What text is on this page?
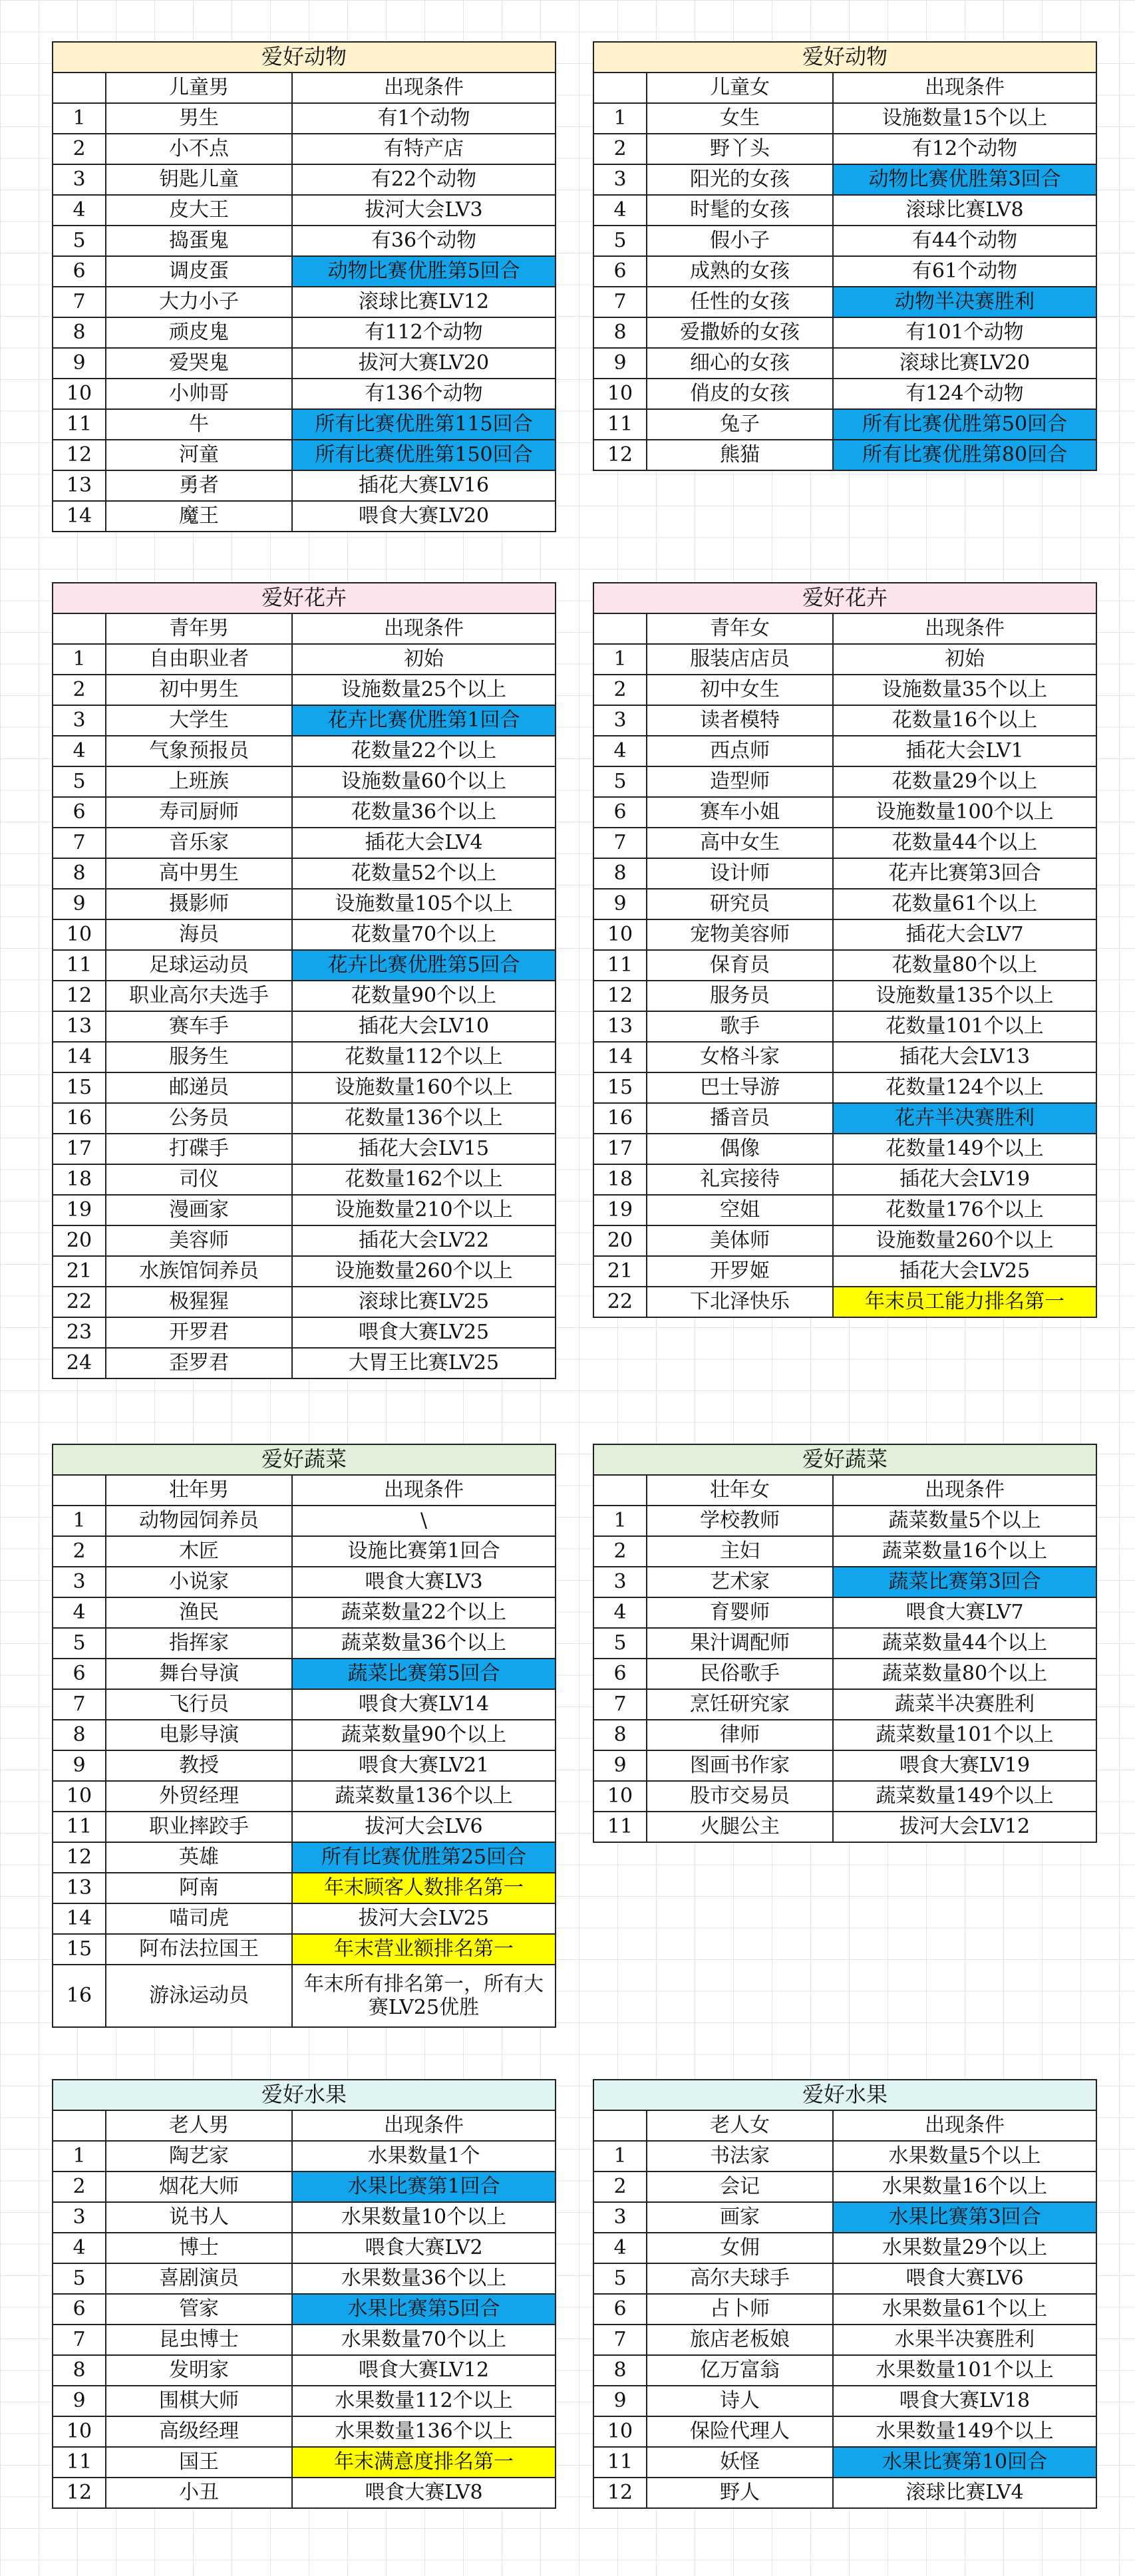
爱好动物		
	儿童男	出现条件
1	男生	有1个动物
2	小不点	有特产店
3	钥匙儿童	有22个动物
4	皮大王	拔河大会LV3
5	捣蛋鬼	有36个动物
6	调皮蛋	动物比赛优胜第5回合
7	大力小子	滚球比赛LV12
8	顽皮鬼	有112个动物
9	爱哭鬼	拔河大赛LV20
10	小帅哥	有136个动物
11	牛	所有比赛优胜第115回合
12	河童	所有比赛优胜第150回合
13	勇者	插花大赛LV16
14	魔王	喂食大赛LV20
爱好动物		
	儿童女	出现条件
1	女生	设施数量15个以上
2	野丫头	有12个动物
3	阳光的女孩	动物比赛优胜第3回合
4	时髦的女孩	滚球比赛LV8
5	假小子	有44个动物
6	成熟的女孩	有61个动物
7	任性的女孩	动物半决赛胜利
8	爱撒娇的女孩	有101个动物
9	细心的女孩	滚球比赛LV20
10	俏皮的女孩	有124个动物
11	兔子	所有比赛优胜第50回合
12	熊猫	所有比赛优胜第80回合
爱好花卉		
	青年男	出现条件
1	自由职业者	初始
2	初中男生	设施数量25个以上
3	大学生	花卉比赛优胜第1回合
4	气象预报员	花数量22个以上
5	上班族	设施数量60个以上
6	寿司厨师	花数量36个以上
7	音乐家	插花大会LV4
8	高中男生	花数量52个以上
9	摄影师	设施数量105个以上
10	海员	花数量70个以上
11	足球运动员	花卉比赛优胜第5回合
12	职业高尔夫选手	花数量90个以上
13	赛车手	插花大会LV10
14	服务生	花数量112个以上
15	邮递员	设施数量160个以上
16	公务员	花数量136个以上
17	打碟手	插花大会LV15
18	司仪	花数量162个以上
19	漫画家	设施数量210个以上
20	美容师	插花大会LV22
21	水族馆饲养员	设施数量260个以上
22	极猩猩	滚球比赛LV25
23	开罗君	喂食大赛LV25
24	歪罗君	大胃王比赛LV25
爱好花卉		
	青年女	出现条件
1	服装店店员	初始
2	初中女生	设施数量35个以上
3	读者模特	花数量16个以上
4	西点师	插花大会LV1
5	造型师	花数量29个以上
6	赛车小姐	设施数量100个以上
7	高中女生	花数量44个以上
8	设计师	花卉比赛第3回合
9	研究员	花数量61个以上
10	宠物美容师	插花大会LV7
11	保育员	花数量80个以上
12	服务员	设施数量135个以上
13	歌手	花数量101个以上
14	女格斗家	插花大会LV13
15	巴士导游	花数量124个以上
16	播音员	花卉半决赛胜利
17	偶像	花数量149个以上
18	礼宾接待	插花大会LV19
19	空姐	花数量176个以上
20	美体师	设施数量260个以上
21	开罗姬	插花大会LV25
22	下北泽快乐	年末员工能力排名第一
爱好蔬菜		
	壮年男	出现条件
1	动物园饲养员	\
2	木匠	设施比赛第1回合
3	小说家	喂食大赛LV3
4	渔民	蔬菜数量22个以上
5	指挥家	蔬菜数量36个以上
6	舞台导演	蔬菜比赛第5回合
7	飞行员	喂食大赛LV14
8	电影导演	蔬菜数量90个以上
9	教授	喂食大赛LV21
10	外贸经理	蔬菜数量136个以上
11	职业摔跤手	拔河大会LV6
12	英雄	所有比赛优胜第25回合
13	阿南	年末顾客人数排名第一
14	喵司虎	拔河大会LV25
15	阿布法拉国王	年末营业额排名第一
16	游泳运动员	年末所有排名第一，所有大赛LV25优胜
爱好蔬菜		
	壮年女	出现条件
1	学校教师	蔬菜数量5个以上
2	主妇	蔬菜数量16个以上
3	艺术家	蔬菜比赛第3回合
4	育婴师	喂食大赛LV7
5	果汁调配师	蔬菜数量44个以上
6	民俗歌手	蔬菜数量80个以上
7	烹饪研究家	蔬菜半决赛胜利
8	律师	蔬菜数量101个以上
9	图画书作家	喂食大赛LV19
10	股市交易员	蔬菜数量149个以上
11	火腿公主	拔河大会LV12
爱好水果		
	老人男	出现条件
1	陶艺家	水果数量1个
2	烟花大师	水果比赛第1回合
3	说书人	水果数量10个以上
4	博士	喂食大赛LV2
5	喜剧演员	水果数量36个以上
6	管家	水果比赛第5回合
7	昆虫博士	水果数量70个以上
8	发明家	喂食大赛LV12
9	围棋大师	水果数量112个以上
10	高级经理	水果数量136个以上
11	国王	年末满意度排名第一
12	小丑	喂食大赛LV8
爱好水果		
	老人女	出现条件
1	书法家	水果数量5个以上
2	会记	水果数量16个以上
3	画家	水果比赛第3回合
4	女佣	水果数量29个以上
5	高尔夫球手	喂食大赛LV6
6	占卜师	水果数量61个以上
7	旅店老板娘	水果半决赛胜利
8	亿万富翁	水果数量101个以上
9	诗人	喂食大赛LV18
10	保险代理人	水果数量149个以上
11	妖怪	水果比赛第10回合
12	野人	滚球比赛LV4
